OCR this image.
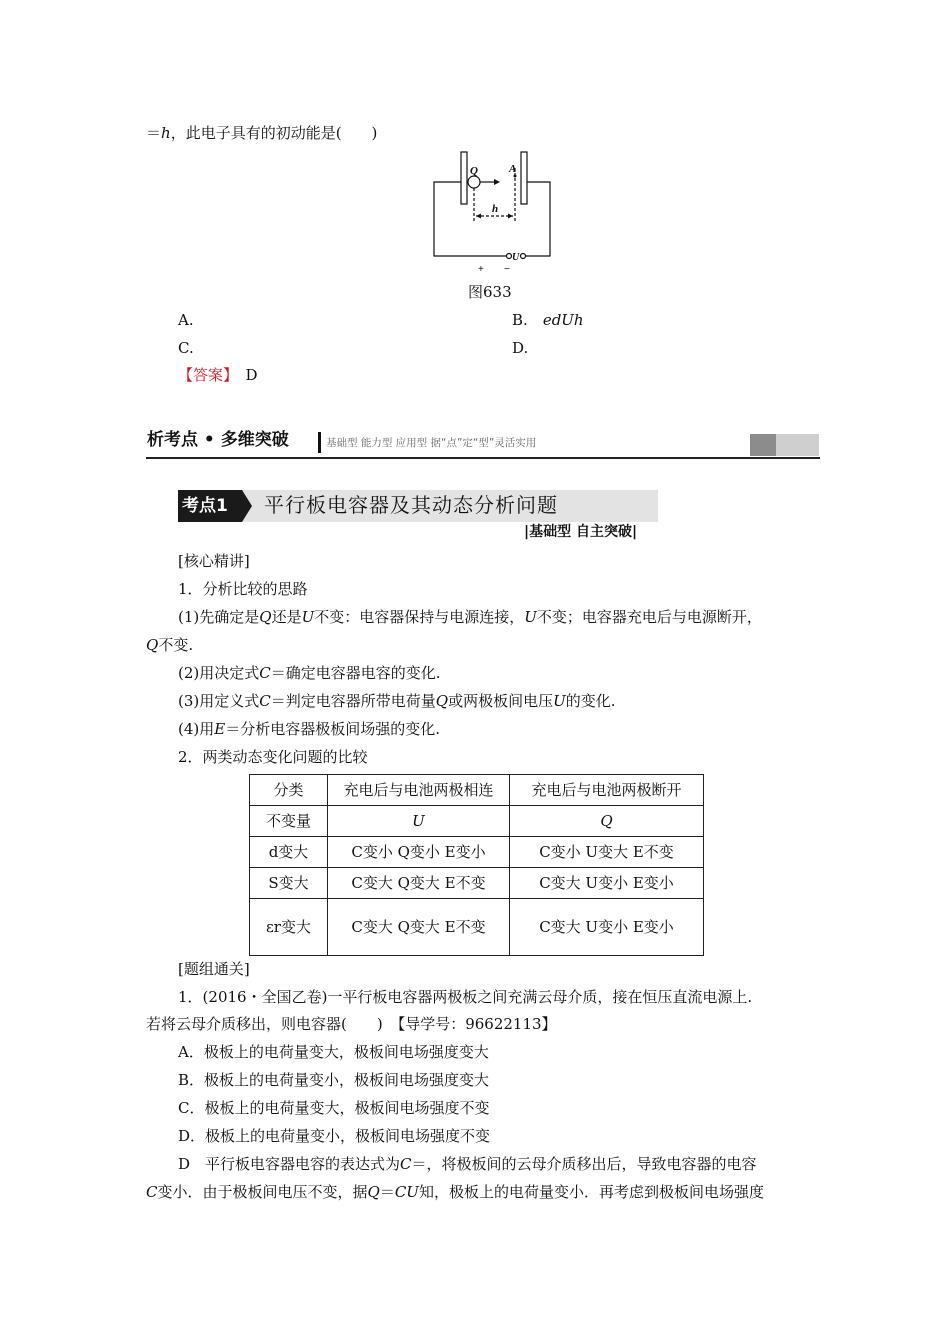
＝h，此电子具有的初动能是(　　)
Q	A
h
U
+ −
图633
A.	B.　 edUh
C.	D.
【答案】　 D
析考点 • 多维突破	基础型 能力型 应用型 据“点”定“型”灵活实用
考点1	平行板电容器及其动态分析问题
|基础型 自主突破|
[核心精讲]
1．分析比较的思路
(1)先确定是Q还是U不变：电容器保持与电源连接，U不变；电容器充电后与电源断开，
Q不变.
(2)用决定式C＝确定电容器电容的变化.
(3)用定义式C＝判定电容器所带电荷量Q或两极板间电压U的变化.
(4)用E＝分析电容器极板间场强的变化.
2．两类动态变化问题的比较
分类	充电后与电池两极相连	充电后与电池两极断开
不变量	U	Q
d变大	C变小 Q变小 E变小	C变小 U变大 E不变
S变大	C变大 Q变大 E不变	C变大 U变小 E变小
εr变大	C变大 Q变大 E不变	C变大 U变小 E变小
[题组通关]
1．(2016・全国乙卷)一平行板电容器两极板之间充满云母介质，接在恒压直流电源上.
若将云母介质移出，则电容器(　　)　【导学号：96622113】
A．极板上的电荷量变大，极板间电场强度变大
B．极板上的电荷量变小，极板间电场强度变大
C．极板上的电荷量变大，极板间电场强度不变
D．极板上的电荷量变小，极板间电场强度不变
D　平行板电容器电容的表达式为C＝，将极板间的云母介质移出后，导致电容器的电容
C变小．由于极板间电压不变，据Q＝CU知，极板上的电荷量变小．再考虑到极板间电场强度
